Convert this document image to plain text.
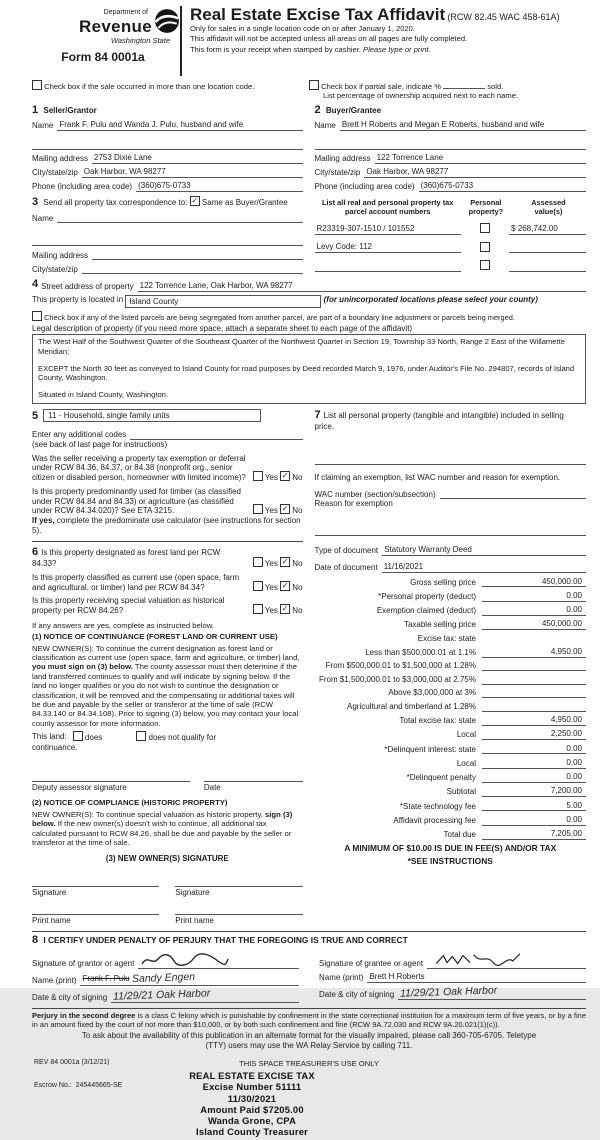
Department of
Revenue
Washington State
Form 84 0001a
Real Estate Excise Tax Affidavit (RCW 82.45 WAC 458-61A)
Only for sales in a single location code on or after January 1, 2020.
This affidavit will not be accepted unless all areas on all pages are fully completed.
This form is your receipt when stamped by cashier. Please type or print.
Check box if the sale occurred in more than one location code.	Check box if partial sale, indicate %	sold.
List percentage of ownership acquired next to each name.
1 Seller/Grantor
Name Frank F. Pulu and Wanda J. Pulu, husband and wife
Mailing address 2753 Dixie Lane
City/state/zip Oak Harbor, WA 98277
Phone (including area code) (360)675-0733
2 Buyer/Grantee
Name Brett H Roberts and Megan E Roberts, husband and wife
Mailing address 122 Torrence Lane
City/state/zip Oak Harbor, WA 98277
Phone (including area code) (360)675-0733
3 Send all property tax correspondence to: ✓ Same as Buyer/Grantee
Name
Mailing address
City/state/zip
List all real and personal property tax
parcel account numbers
Personal
property?
Assessed
value(s)
R23319-307-1510 / 101552	$ 268,742.00
Levy Code: 112
4 Street address of property 122 Torrence Lane, Oak Harbor, WA 98277
This property is located in Island County	(for unincorporated locations please select your county)
Check box if any of the listed parcels are being segregated from another parcel, are part of a boundary line adjustment or parcels being merged.
Legal description of property (if you need more space, attach a separate sheet to each page of the affidavit)

The West Half of the Southwest Quarter of the Southeast Quarter of the Northwest Quarter in Section 19, Township 33 North, Range 2 East of the Willamette Meridian;

EXCEPT the North 30 feet as conveyed to Island County for road purposes by Deed recorded March 9, 1976, under Auditor's File No. 294807, records of Island County, Washington.

Situated in Island County, Washington.

5 11 - Household, single family units
Enter any additional codes
(see back of last page for instructions)
Was the seller receiving a property tax exemption or deferral under RCW 84.36, 84.37, or 84.38 (nonprofit org., senior citizen or disabled person, homeowner with limited income)?	Yes ✓ No
Is this property predominantly used for timber (as classified under RCW 84.84 and 84.33) or agriculture (as classified under RCW 84.34.020)? See ETA 3215.	Yes ✓ No
If yes, complete the predominate use calculator (see instructions for section 5).
6 Is this property designated as forest land per RCW 84.33?	Yes ✓ No
Is this property classified as current use (open space, farm and agricultural, or timber) land per RCW 84.34?	Yes ✓ No
Is this property receiving special valuation as historical property per RCW 84.26?	Yes ✓ No
If any answers are yes, complete as instructed below.
(1) NOTICE OF CONTINUANCE (FOREST LAND OR CURRENT USE)
NEW OWNER(S): To continue the current designation as forest land or classification as current use (open space, farm and agriculture, or timber) land, you must sign on (3) below. The county assessor must then determine if the land transferred continues to qualify and will indicate by signing below. If the land no longer qualifies or you do not wish to continue the designation or classification, it will be removed and the compensating or additional taxes will be due and payable by the seller or transferor at the time of sale (RCW 84.33.140 or 84.34.108). Prior to signing (3) below, you may contact your local county assessor for more information.
This land:	does	does not qualify for
continuance.
Deputy assessor signature	Date
(2) NOTICE OF COMPLIANCE (HISTORIC PROPERTY)
NEW OWNER(S): To continue special valuation as historic property, sign (3) below. If the new owner(s) doesn't wish to continue, all additional tax calculated pursuant to RCW 84.26, shall be due and payable by the seller or transferor at the time of sale.
(3) NEW OWNER(S) SIGNATURE
Signature	Signature
Print name	Print name
7 List all personal property (tangible and intangible) included in selling price.
If claiming an exemption, list WAC number and reason for exemption.
WAC number (section/subsection)
Reason for exemption
Type of document Statutory Warranty Deed
Date of document 11/16/2021
Gross selling price	450,000.00
*Personal property (deduct)	0.00
Exemption claimed (deduct)	0.00
Taxable selling price	450,000.00
Excise tax: state
Less than $500,000.01 at 1.1%	4,950.00
From $500,000.01 to $1,500,000 at 1.28%
From $1,500,000.01 to $3,000,000 at 2.75%
Above $3,000,000 at 3%
Agricultural and timberland at 1.28%
Total excise tax: state	4,950.00
Local	2,250.00
*Delinquent interest: state	0.00
Local	0.00
*Delinquent penalty	0.00
Subtotal	7,200.00
*State technology fee	5.00
Affidavit processing fee	0.00
Total due	7,205.00
A MINIMUM OF $10.00 IS DUE IN FEE(S) AND/OR TAX
*SEE INSTRUCTIONS
8 I CERTIFY UNDER PENALTY OF PERJURY THAT THE FOREGOING IS TRUE AND CORRECT
Signature of grantor or agent
Name (print) Frank F. Pulu Sandy Engen
Date & city of signing 11/29/21 Oak Harbor
Signature of grantee or agent
Name (print) Brett H Roberts
Date & city of signing 11/29/21 Oak Harbor

Perjury in the second degree is a class C felony which is punishable by confinement in the state correctional institution for a maximum term of five years, or by a fine in an amount fixed by the court of not more than $10,000, or by both such confinement and fine (RCW 9A.72.030 and RCW 9A.20.021(1)(c)).

To ask about the availability of this publication in an alternate format for the visually impaired, please call 360-705-6705. Teletype
(TTY) users may use the WA Relay Service by calling 711.
REV 84 0001a (3/12/21)	THIS SPACE TREASURER'S USE ONLY
Escrow No.: 245445665-SE
REAL ESTATE EXCISE TAX
Excise Number 51111
11/30/2021
Amount Paid $7205.00
Wanda Grone, CPA
Island County Treasurer
